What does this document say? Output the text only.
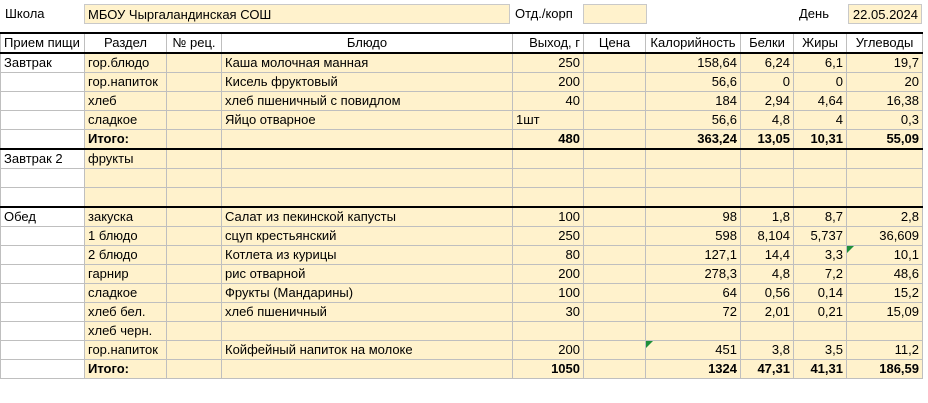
Школа	МБОУ Чыргаландинская СОШ	Отд./корп	День	22.05.2024
Прием пищи	Раздел	№ рец.	Блюдо	Выход, г	Цена	Калорийность	Белки	Жиры	Углеводы
Завтрак	гор.блюдо		Каша молочная манная	250		158,64	6,24	6,1	19,7
	гор.напиток		Кисель фруктовый	200		56,6	0	0	20
	хлеб		хлеб пшеничный с повидлом	40		184	2,94	4,64	16,38
	сладкое		Яйцо отварное	1шт		56,6	4,8	4	0,3
	Итого:			480		363,24	13,05	10,31	55,09
Завтрак 2	фрукты								

Обед	закуска		Салат из пекинской капусты	100		98	1,8	8,7	2,8
	1 блюдо		сцуп крестьянский	250		598	8,104	5,737	36,609
	2 блюдо		Котлета из курицы	80		127,1	14,4	3,3	10,1
	гарнир		рис отварной	200		278,3	4,8	7,2	48,6
	сладкое		Фрукты (Мандарины)	100		64	0,56	0,14	15,2
	хлеб бел.		хлеб пшеничный	30		72	2,01	0,21	15,09
	хлеб черн.								
	гор.напиток		Койфейный напиток на молоке	200		451	3,8	3,5	11,2
	Итого:			1050		1324	47,31	41,31	186,59
